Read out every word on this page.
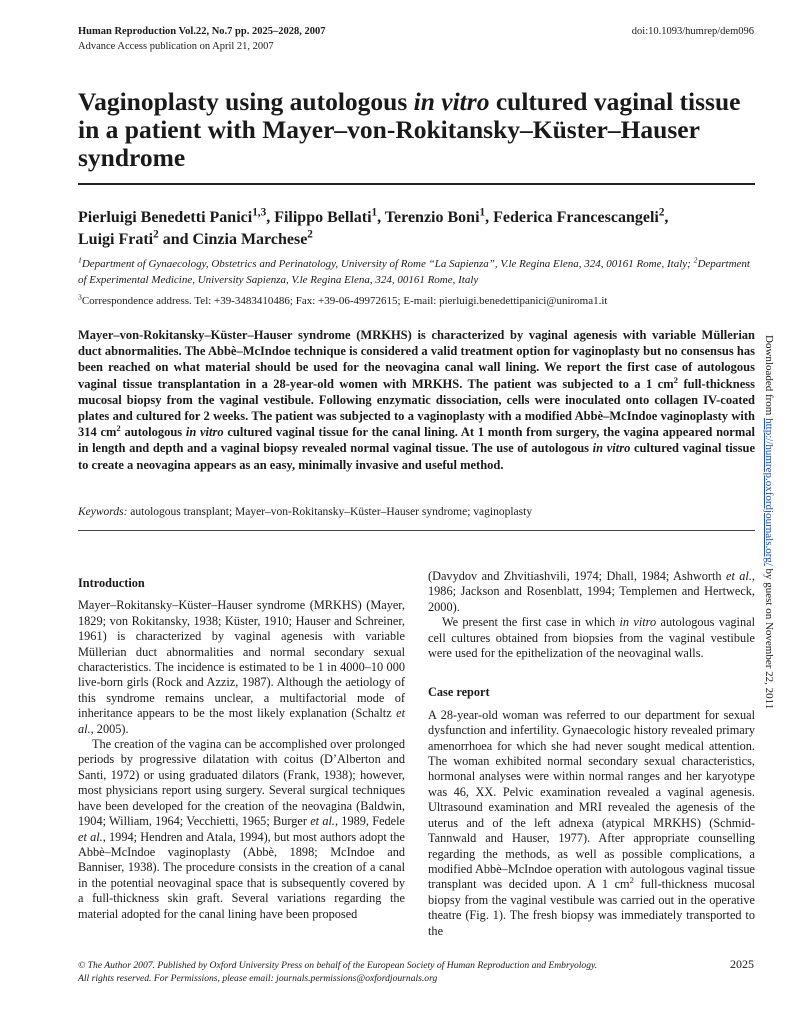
Human Reproduction Vol.22, No.7 pp. 2025–2028, 2007
Advance Access publication on April 21, 2007
doi:10.1093/humrep/dem096
Vaginoplasty using autologous in vitro cultured vaginal tissue in a patient with Mayer–von-Rokitansky–Küster–Hauser syndrome
Pierluigi Benedetti Panici$^{1,3}$, Filippo Bellati$^1$, Terenzio Boni$^1$, Federica Francescangeli$^2$,
Luigi Frati$^2$ and Cinzia Marchese$^2$
$^1$Department of Gynaecology, Obstetrics and Perinatology, University of Rome “La Sapienza”, V.le Regina Elena, 324, 00161 Rome, Italy; $^2$Department of Experimental Medicine, University Sapienza, V.le Regina Elena, 324, 00161 Rome, Italy
$^3$Correspondence address. Tel: +39-3483410486; Fax: +39-06-49972615; E-mail: pierluigi.benedettipanici@uniroma1.it
Mayer–von-Rokitansky–Küster–Hauser syndrome (MRKHS) is characterized by vaginal agenesis with variable Müllerian duct abnormalities. The Abbè–McIndoe technique is considered a valid treatment option for vaginoplasty but no consensus has been reached on what material should be used for the neovagina canal wall lining. We report the first case of autologous vaginal tissue transplantation in a 28-year-old women with MRKHS. The patient was subjected to a 1 $cm^2$ full-thickness mucosal biopsy from the vaginal vestibule. Following enzymatic dissociation, cells were inoculated onto collagen IV-coated plates and cultured for 2 weeks. The patient was subjected to a vaginoplasty with a modified Abbè–McIndoe vaginoplasty with 314 $cm^2$ autologous in vitro cultured vaginal tissue for the canal lining. At 1 month from surgery, the vagina appeared normal in length and depth and a vaginal biopsy revealed normal vaginal tissue. The use of autologous in vitro cultured vaginal tissue to create a neovagina appears as an easy, minimally invasive and useful method.
Keywords: autologous transplant; Mayer–von-Rokitansky–Küster–Hauser syndrome; vaginoplasty
Introduction

Mayer–Rokitansky–Küster–Hauser syndrome (MRKHS) (Mayer, 1829; von Rokitansky, 1938; Küster, 1910; Hauser and Schreiner, 1961) is characterized by vaginal agenesis with variable Müllerian duct abnormalities and normal secondary sexual characteristics. The incidence is estimated to be 1 in 4000–10 000 live-born girls (Rock and Azziz, 1987). Although the aetiology of this syndrome remains unclear, a multifactorial mode of inheritance appears to be the most likely explanation (Schaltz et al., 2005).

The creation of the vagina can be accomplished over prolonged periods by progressive dilatation with coitus (D’Alberton and Santi, 1972) or using graduated dilators (Frank, 1938); however, most physicians report using surgery. Several surgical techniques have been developed for the creation of the neovagina (Baldwin, 1904; William, 1964; Vecchietti, 1965; Burger et al., 1989, Fedele et al., 1994; Hendren and Atala, 1994), but most authors adopt the Abbè–McIndoe vaginoplasty (Abbè, 1898; McIndoe and Banniser, 1938). The procedure consists in the creation of a canal in the potential neovaginal space that is subsequently covered by a full-thickness skin graft. Several variations regarding the material adopted for the canal lining have been proposed

(Davydov and Zhvitiashvili, 1974; Dhall, 1984; Ashworth et al., 1986; Jackson and Rosenblatt, 1994; Templemen and Hertweck, 2000).

We present the first case in which in vitro autologous vaginal cell cultures obtained from biopsies from the vaginal vestibule were used for the epithelization of the neovaginal walls.

Case report

A 28-year-old woman was referred to our department for sexual dysfunction and infertility. Gynaecologic history revealed primary amenorrhoea for which she had never sought medical attention. The woman exhibited normal secondary sexual characteristics, hormonal analyses were within normal ranges and her karyotype was 46, XX. Pelvic examination revealed a vaginal agenesis. Ultrasound examination and MRI revealed the agenesis of the uterus and of the left adnexa (atypical MRKHS) (Schmid-Tannwald and Hauser, 1977). After appropriate counselling regarding the methods, as well as possible complications, a modified Abbè–McIndoe operation with autologous vaginal tissue transplant was decided upon. A 1 $cm^2$ full-thickness mucosal biopsy from the vaginal vestibule was carried out in the operative theatre (Fig. 1). The fresh biopsy was immediately transported to the

© The Author 2007. Published by Oxford University Press on behalf of the European Society of Human Reproduction and Embryology.
All rights reserved. For Permissions, please email: journals.permissions@oxfordjournals.org
2025
Downloaded from http://humrep.oxfordjournals.org/ by guest on November 22, 2011
